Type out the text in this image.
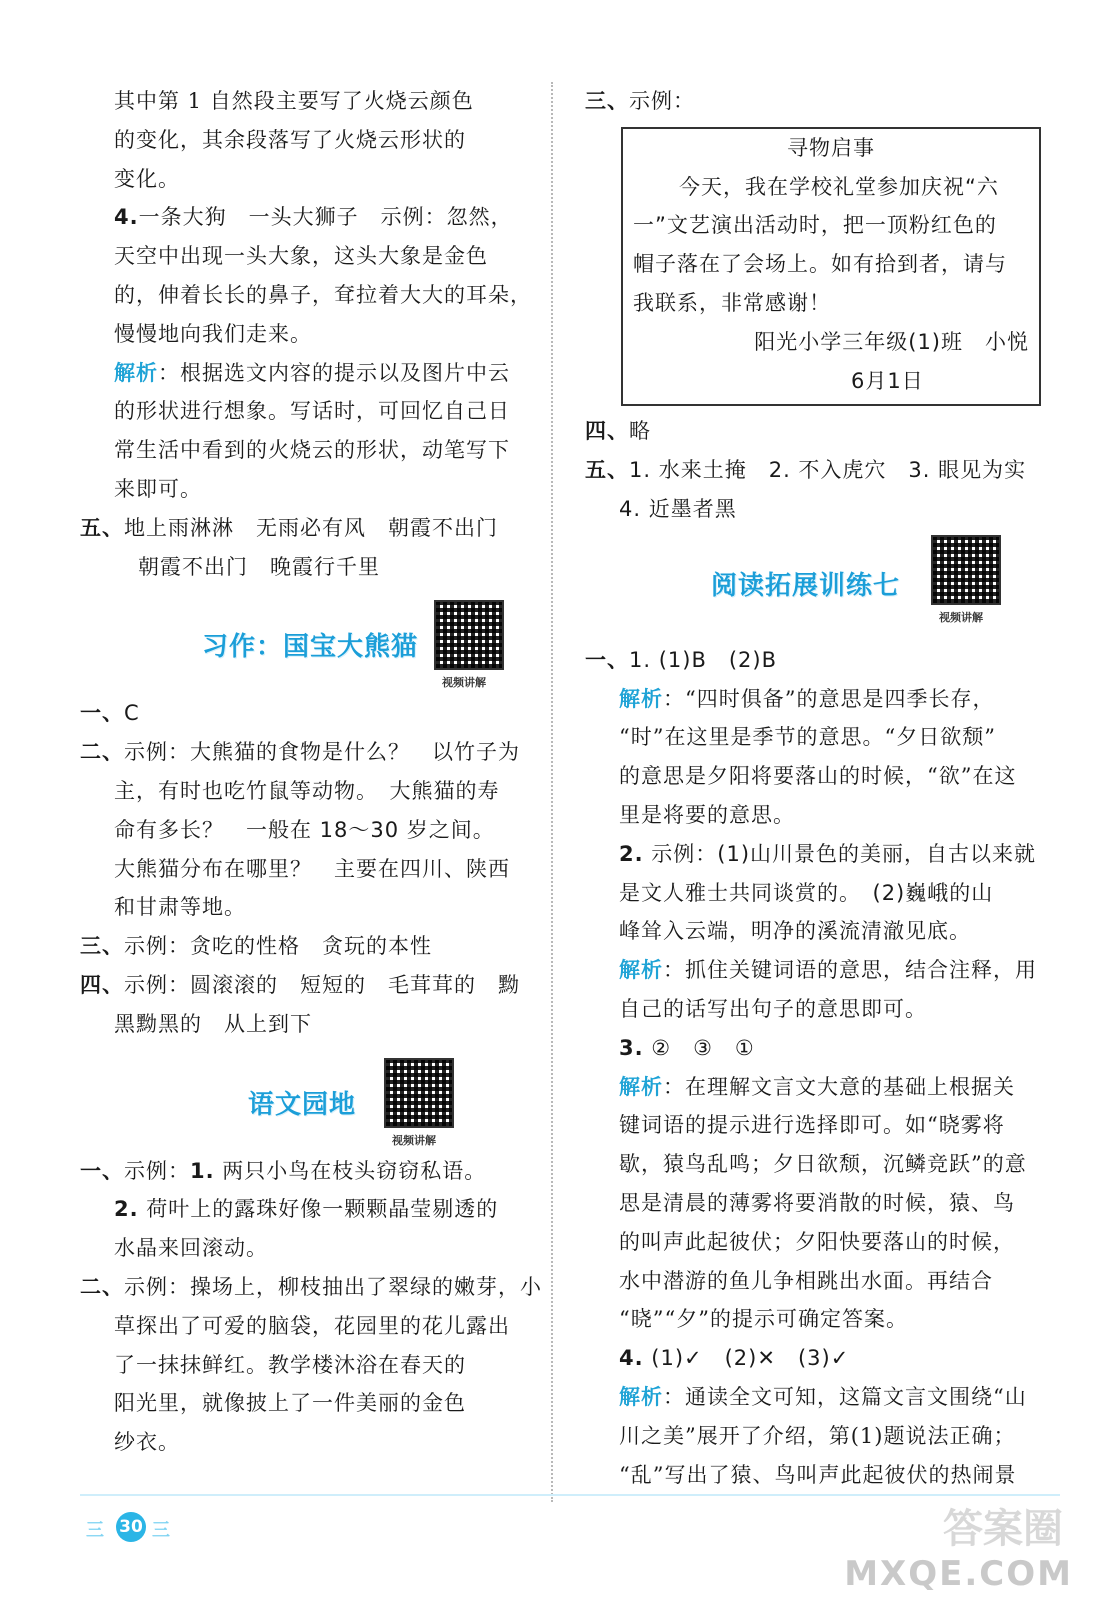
其中第 1 自然段主要写了火烧云颜色
的变化，其余段落写了火烧云形状的
变化。
4.一条大狗　一头大狮子　示例：忽然，
天空中出现一头大象，这头大象是金色
的，伸着长长的鼻子，耷拉着大大的耳朵，
慢慢地向我们走来。
解析：根据选文内容的提示以及图片中云
的形状进行想象。写话时，可回忆自己日
常生活中看到的火烧云的形状，动笔写下
来即可。
五、地上雨淋淋　无雨必有风　朝霞不出门
朝霞不出门　晚霞行千里
习作：国宝大熊猫
视频讲解
一、C
二、示例：大熊猫的食物是什么？　以竹子为
主，有时也吃竹鼠等动物。　大熊猫的寿
命有多长？　一般在 18～30 岁之间。
大熊猫分布在哪里？　主要在四川、陕西
和甘肃等地。
三、示例：贪吃的性格　贪玩的本性
四、示例：圆滚滚的　短短的　毛茸茸的　黝
黑黝黑的　从上到下
语文园地
视频讲解
一、示例：1. 两只小鸟在枝头窃窃私语。
2. 荷叶上的露珠好像一颗颗晶莹剔透的
水晶来回滚动。
二、示例：操场上，柳枝抽出了翠绿的嫩芽，小
草探出了可爱的脑袋，花园里的花儿露出
了一抹抹鲜红。教学楼沐浴在春天的
阳光里，就像披上了一件美丽的金色
纱衣。
三、示例：
寻物启事
今天，我在学校礼堂参加庆祝“六
一”文艺演出活动时，把一顶粉红色的
帽子落在了会场上。如有拾到者，请与
我联系，非常感谢！
阳光小学三年级(1)班　小悦
6月1日
四、略
五、1. 水来土掩　2. 不入虎穴　3. 眼见为实
4. 近墨者黑
阅读拓展训练七
视频讲解
一、1. (1)B　(2)B
解析：“四时俱备”的意思是四季长存，
“时”在这里是季节的意思。“夕日欲颓”
的意思是夕阳将要落山的时候，“欲”在这
里是将要的意思。
2. 示例：(1)山川景色的美丽，自古以来就
是文人雅士共同谈赏的。　(2)巍峨的山
峰耸入云端，明净的溪流清澈见底。
解析：抓住关键词语的意思，结合注释，用
自己的话写出句子的意思即可。
3. ②　③　①
解析：在理解文言文大意的基础上根据关
键词语的提示进行选择即可。如“晓雾将
歇，猿鸟乱鸣；夕日欲颓，沉鳞竞跃”的意
思是清晨的薄雾将要消散的时候，猿、鸟
的叫声此起彼伏；夕阳快要落山的时候，
水中潜游的鱼儿争相跳出水面。再结合
“晓”“夕”的提示可确定答案。
4. (1)✓　(2)✕　(3)✓
解析：通读全文可知，这篇文言文围绕“山
川之美”展开了介绍，第(1)题说法正确；
“乱”写出了猿、鸟叫声此起彼伏的热闹景
三 30 三	答案圈
MXQE.COM
